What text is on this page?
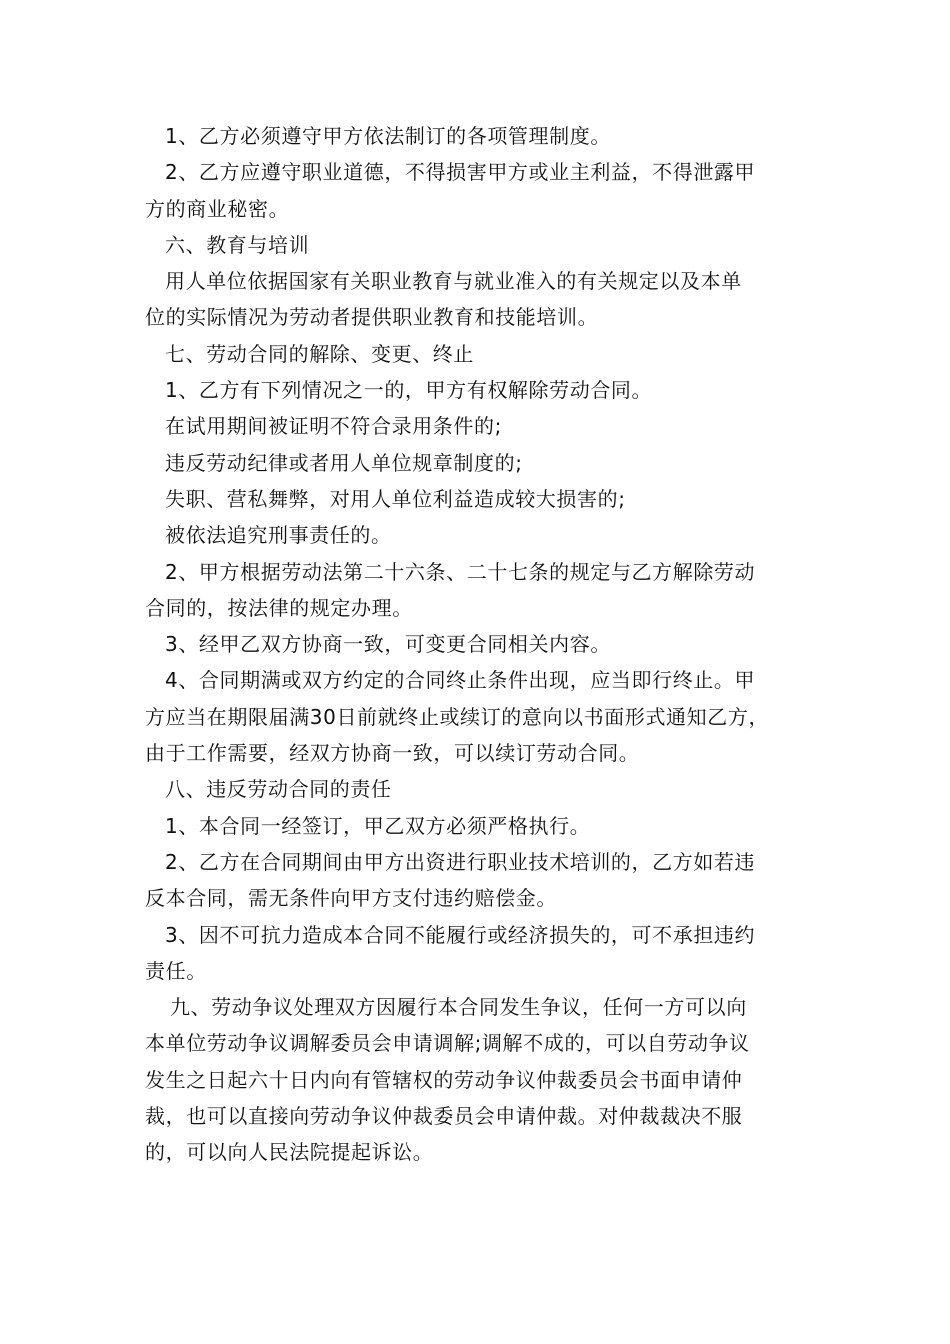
1、乙方必须遵守甲方依法制订的各项管理制度。

2、乙方应遵守职业道德，不得损害甲方或业主利益，不得泄露甲

方的商业秘密。

六、教育与培训

用人单位依据国家有关职业教育与就业准入的有关规定以及本单

位的实际情况为劳动者提供职业教育和技能培训。

七、劳动合同的解除、变更、终止

1、乙方有下列情况之一的，甲方有权解除劳动合同。

在试用期间被证明不符合录用条件的;

违反劳动纪律或者用人单位规章制度的;

失职、营私舞弊，对用人单位利益造成较大损害的;

被依法追究刑事责任的。

2、甲方根据劳动法第二十六条、二十七条的规定与乙方解除劳动

合同的，按法律的规定办理。

3、经甲乙双方协商一致，可变更合同相关内容。

4、合同期满或双方约定的合同终止条件出现，应当即行终止。甲

方应当在期限届满30日前就终止或续订的意向以书面形式通知乙方，

由于工作需要，经双方协商一致，可以续订劳动合同。

八、违反劳动合同的责任

1、本合同一经签订，甲乙双方必须严格执行。

2、乙方在合同期间由甲方出资进行职业技术培训的，乙方如若违

反本合同，需无条件向甲方支付违约赔偿金。

3、因不可抗力造成本合同不能履行或经济损失的，可不承担违约

责任。

九、劳动争议处理双方因履行本合同发生争议，任何一方可以向

本单位劳动争议调解委员会申请调解;调解不成的，可以自劳动争议

发生之日起六十日内向有管辖权的劳动争议仲裁委员会书面申请仲

裁，也可以直接向劳动争议仲裁委员会申请仲裁。对仲裁裁决不服

的，可以向人民法院提起诉讼。
